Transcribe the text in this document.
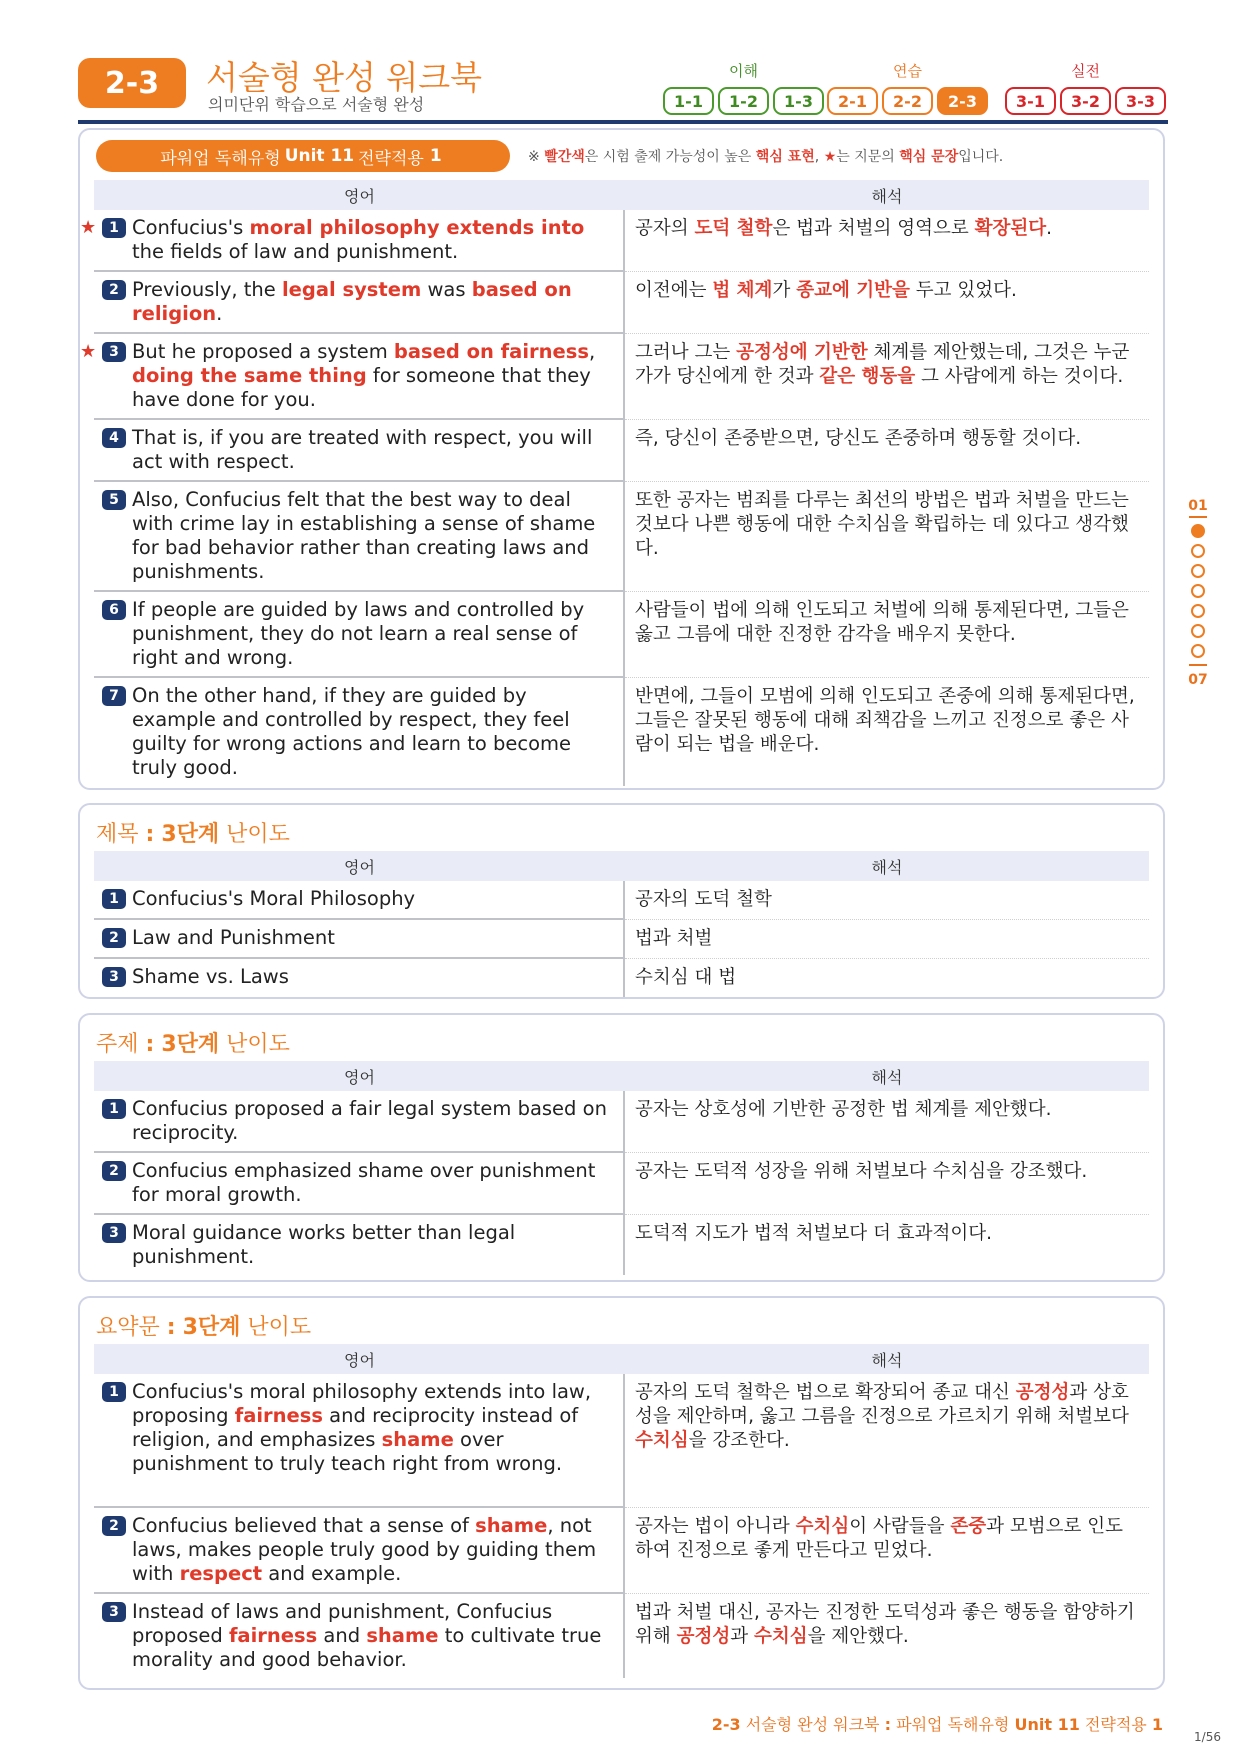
2-3	서술형 완성 워크북
의미단위 학습으로 서술형 완성
이해
1-1	1-2	1-3
연습
2-1	2-2	2-3
실전
3-1	3-2	3-3
파워업 독해유형 Unit 11 전략적용 1	※ 빨간색은 시험 출제 가능성이 높은 핵심 표현, ★는 지문의 핵심 문장입니다.
영어	해석
1
★ Confucius's moral philosophy extends into the fields of law and punishment.
공자의 도덕 철학은 법과 처벌의 영역으로 확장된다.
2 Previously, the legal system was based on religion.
이전에는 법 체계가 종교에 기반을 두고 있었다.
3
★ But he proposed a system based on fairness, doing the same thing for someone that they have done for you.
그러나 그는 공정성에 기반한 체계를 제안했는데, 그것은 누군가가 당신에게 한 것과 같은 행동을 그 사람에게 하는 것이다.
4 That is, if you are treated with respect, you will act with respect.
즉, 당신이 존중받으면, 당신도 존중하며 행동할 것이다.
5 Also, Confucius felt that the best way to deal with crime lay in establishing a sense of shame for bad behavior rather than creating laws and punishments.
또한 공자는 범죄를 다루는 최선의 방법은 법과 처벌을 만드는 것보다 나쁜 행동에 대한 수치심을 확립하는 데 있다고 생각했다.
6 If people are guided by laws and controlled by punishment, they do not learn a real sense of right and wrong.
사람들이 법에 의해 인도되고 처벌에 의해 통제된다면, 그들은 옳고 그름에 대한 진정한 감각을 배우지 못한다.
7 On the other hand, if they are guided by example and controlled by respect, they feel guilty for wrong actions and learn to become truly good.
반면에, 그들이 모범에 의해 인도되고 존중에 의해 통제된다면, 그들은 잘못된 행동에 대해 죄책감을 느끼고 진정으로 좋은 사람이 되는 법을 배운다.
제목 : 3단계 난이도
영어	해석
1 Confucius's Moral Philosophy	공자의 도덕 철학
2 Law and Punishment	법과 처벌
3 Shame vs. Laws	수치심 대 법
주제 : 3단계 난이도
영어	해석
1 Confucius proposed a fair legal system based on reciprocity.
공자는 상호성에 기반한 공정한 법 체계를 제안했다.
2 Confucius emphasized shame over punishment for moral growth.
공자는 도덕적 성장을 위해 처벌보다 수치심을 강조했다.
3 Moral guidance works better than legal punishment.
도덕적 지도가 법적 처벌보다 더 효과적이다.
요약문 : 3단계 난이도
영어	해석
1 Confucius's moral philosophy extends into law, proposing fairness and reciprocity instead of religion, and emphasizes shame over punishment to truly teach right from wrong.
공자의 도덕 철학은 법으로 확장되어 종교 대신 공정성과 상호성을 제안하며, 옳고 그름을 진정으로 가르치기 위해 처벌보다 수치심을 강조한다.
2 Confucius believed that a sense of shame, not laws, makes people truly good by guiding them with respect and example.
공자는 법이 아니라 수치심이 사람들을 존중과 모범으로 인도하여 진정으로 좋게 만든다고 믿었다.
3 Instead of laws and punishment, Confucius proposed fairness and shame to cultivate true morality and good behavior.
법과 처벌 대신, 공자는 진정한 도덕성과 좋은 행동을 함양하기 위해 공정성과 수치심을 제안했다.
01
07
2-3 서술형 완성 워크북 : 파워업 독해유형 Unit 11 전략적용 1
1/56
